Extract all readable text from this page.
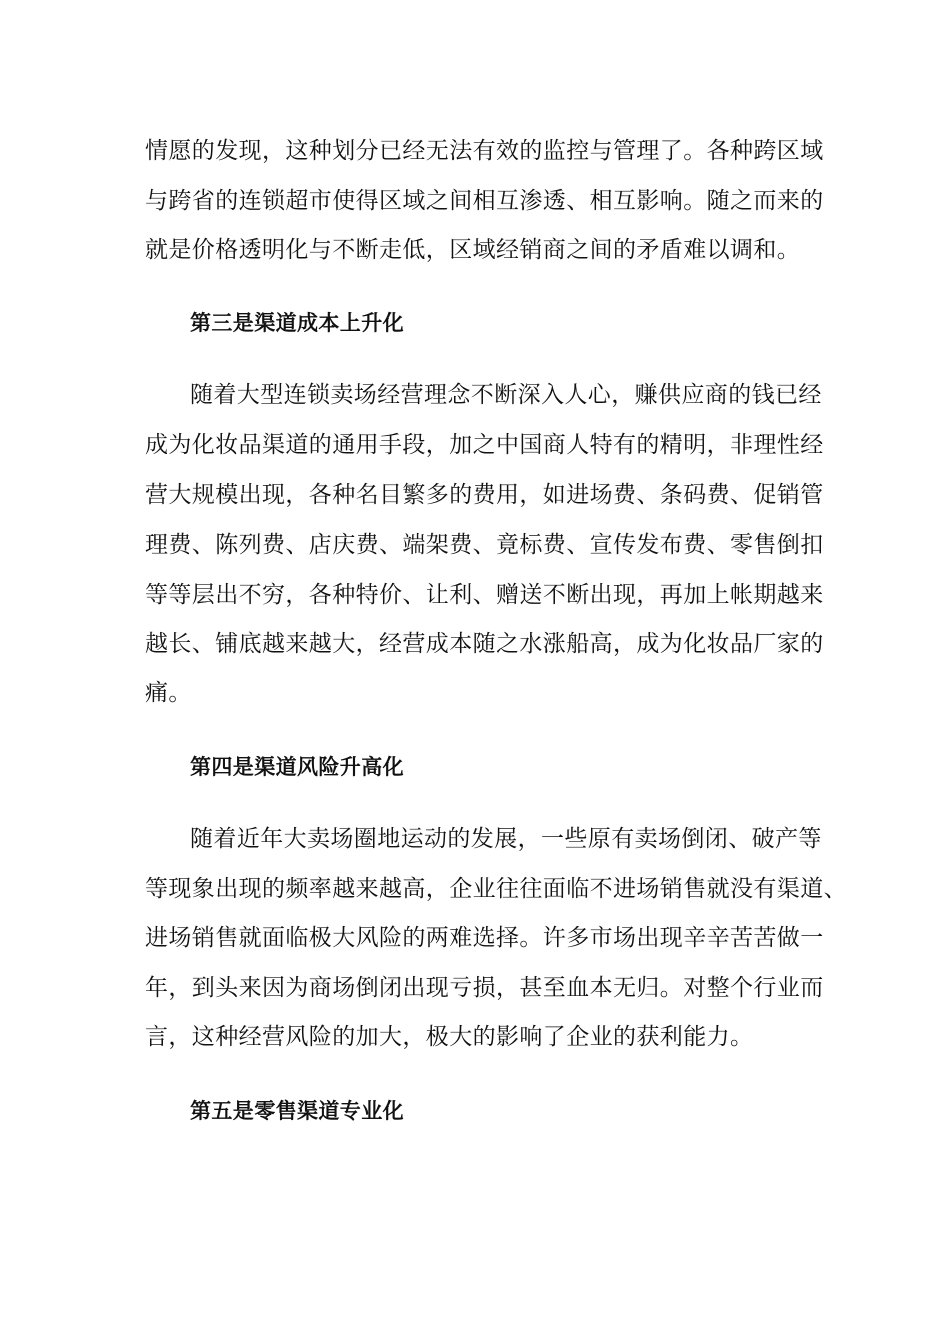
情愿的发现，这种划分已经无法有效的监控与管理了。各种跨区域
与跨省的连锁超市使得区域之间相互渗透、相互影响。随之而来的
就是价格透明化与不断走低，区域经销商之间的矛盾难以调和。
第三是渠道成本上升化
随着大型连锁卖场经营理念不断深入人心，赚供应商的钱已经
成为化妆品渠道的通用手段，加之中国商人特有的精明，非理性经
营大规模出现，各种名目繁多的费用，如进场费、条码费、促销管
理费、陈列费、店庆费、端架费、竟标费、宣传发布费、零售倒扣
等等层出不穷，各种特价、让利、赠送不断出现，再加上帐期越来
越长、铺底越来越大，经营成本随之水涨船高，成为化妆品厂家的
痛。
第四是渠道风险升高化
随着近年大卖场圈地运动的发展，一些原有卖场倒闭、破产等
等现象出现的频率越来越高，企业往往面临不进场销售就没有渠道、
进场销售就面临极大风险的两难选择。许多市场出现辛辛苦苦做一
年，到头来因为商场倒闭出现亏损，甚至血本无归。对整个行业而
言，这种经营风险的加大，极大的影响了企业的获利能力。
第五是零售渠道专业化
